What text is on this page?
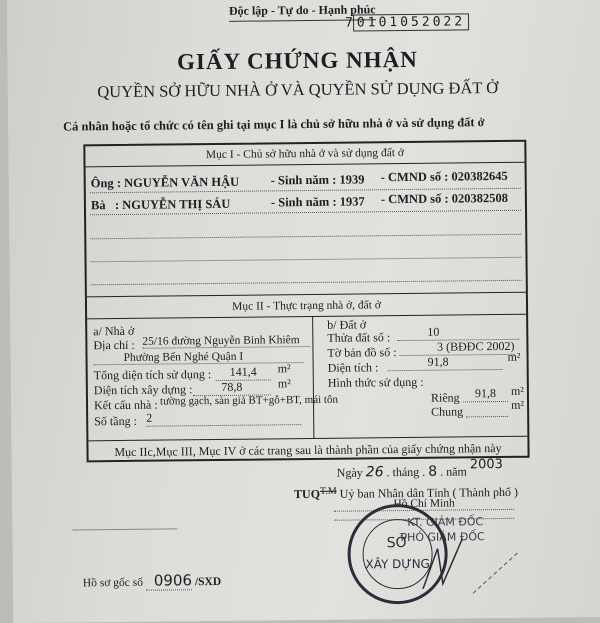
Độc lập - Tự do - Hạnh phúc
7 0101052022
GIẤY CHỨNG NHẬN
QUYỀN SỞ HỮU NHÀ Ở VÀ QUYỀN SỬ DỤNG ĐẤT Ở
Cá nhân hoặc tổ chức có tên ghi tại mục I là chủ sở hữu nhà ở và sử dụng đất ở
Mục I - Chủ sở hữu nhà ở và sử dụng đất ở
Ông : NGUYỄN VĂN HẬU	- Sinh năm : 1939 - CMND số : 020382645
Bà : NGUYỄN THỊ SÁU	- Sinh năm : 1937 - CMND số : 020382508
Mục II - Thực trạng nhà ở, đất ở
a/ Nhà ở
Địa chỉ : 25/16 đường Nguyễn Bỉnh Khiêm
Phường Bến Nghé Quận I
Tổng diện tích sử dụng :	141,4	m²
Diện tích xây dựng :	78,8	m²
Kết cấu nhà : tường gạch, sàn giả BT+gỗ+BT, mái tôn
Số tầng : 2
b/ Đất ở
Thửa đất số :	10
Tờ bản đồ số :	3 (BĐĐC 2002)
Diện tích :	91,8	m²
Hình thức sử dụng :
Riêng	91,8	m²
Chung	m²
Mục IIc,Mục III, Mục IV ở các trang sau là thành phần của giấy chứng nhận này
Ngày 26 . tháng . 8 . năm 2003
$TUQ^{T.M}$ Uỷ ban Nhân dân Tỉnh ( Thành phố )
Hồ Chí Minh
KT. GIÁM ĐỐC
PHÓ GIÁM ĐỐC
SỞ
XÂY DỰNG
Hồ sơ gốc số 0906 /SXD
